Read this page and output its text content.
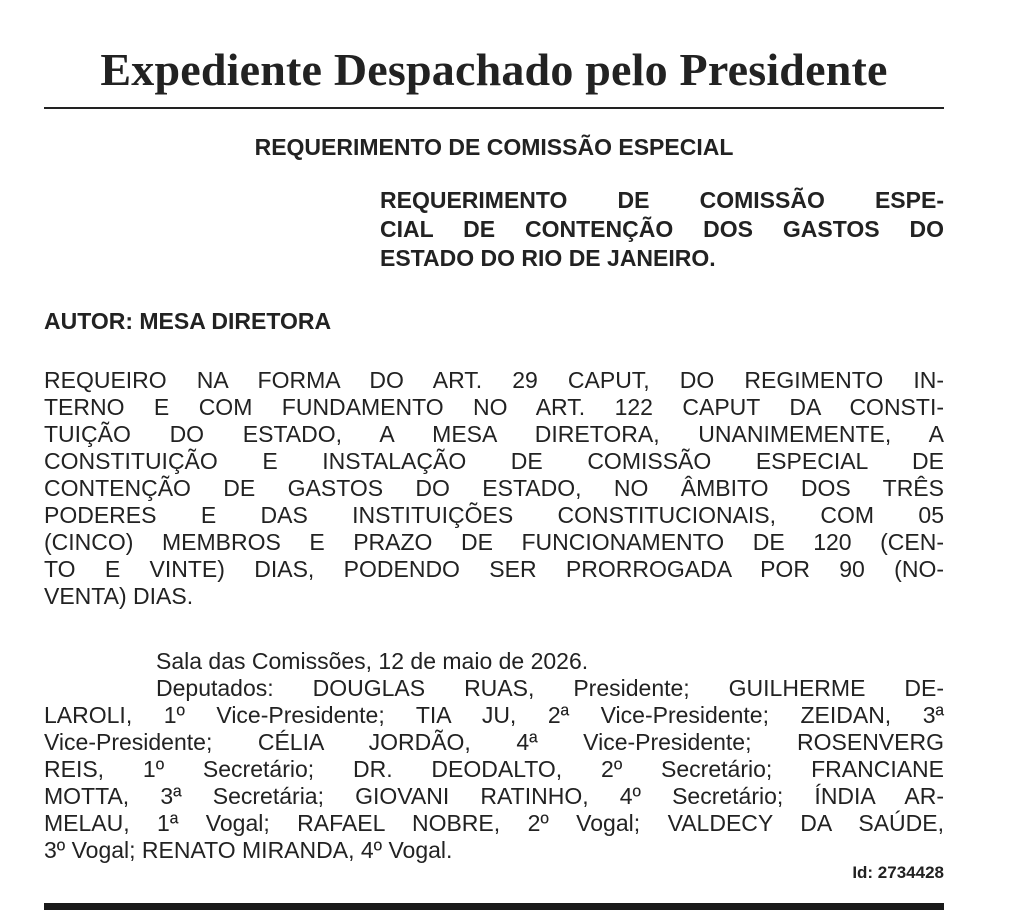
Expediente Despachado pelo Presidente
REQUERIMENTO DE COMISSÃO ESPECIAL
REQUERIMENTO DE COMISSÃO ESPE-
CIAL DE CONTENÇÃO DOS GASTOS DO
ESTADO DO RIO DE JANEIRO.
AUTOR: MESA DIRETORA
REQUEIRO NA FORMA DO ART. 29 CAPUT, DO REGIMENTO IN-
TERNO E COM FUNDAMENTO NO ART. 122 CAPUT DA CONSTI-
TUIÇÃO DO ESTADO, A MESA DIRETORA, UNANIMEMENTE, A
CONSTITUIÇÃO E INSTALAÇÃO DE COMISSÃO ESPECIAL DE
CONTENÇÃO DE GASTOS DO ESTADO, NO ÂMBITO DOS TRÊS
PODERES E DAS INSTITUIÇÕES CONSTITUCIONAIS, COM 05
(CINCO) MEMBROS E PRAZO DE FUNCIONAMENTO DE 120 (CEN-
TO E VINTE) DIAS, PODENDO SER PRORROGADA POR 90 (NO-
VENTA) DIAS.
Sala das Comissões, 12 de maio de 2026.
Deputados: DOUGLAS RUAS, Presidente; GUILHERME DE-
LAROLI, 1º Vice-Presidente; TIA JU, 2ª Vice-Presidente; ZEIDAN, 3ª
Vice-Presidente; CÉLIA JORDÃO, 4ª Vice-Presidente; ROSENVERG
REIS, 1º Secretário; DR. DEODALTO, 2º Secretário; FRANCIANE
MOTTA, 3ª Secretária; GIOVANI RATINHO, 4º Secretário; ÍNDIA AR-
MELAU, 1ª Vogal; RAFAEL NOBRE, 2º Vogal; VALDECY DA SAÚDE,
3º Vogal; RENATO MIRANDA, 4º Vogal.
Id: 2734428
